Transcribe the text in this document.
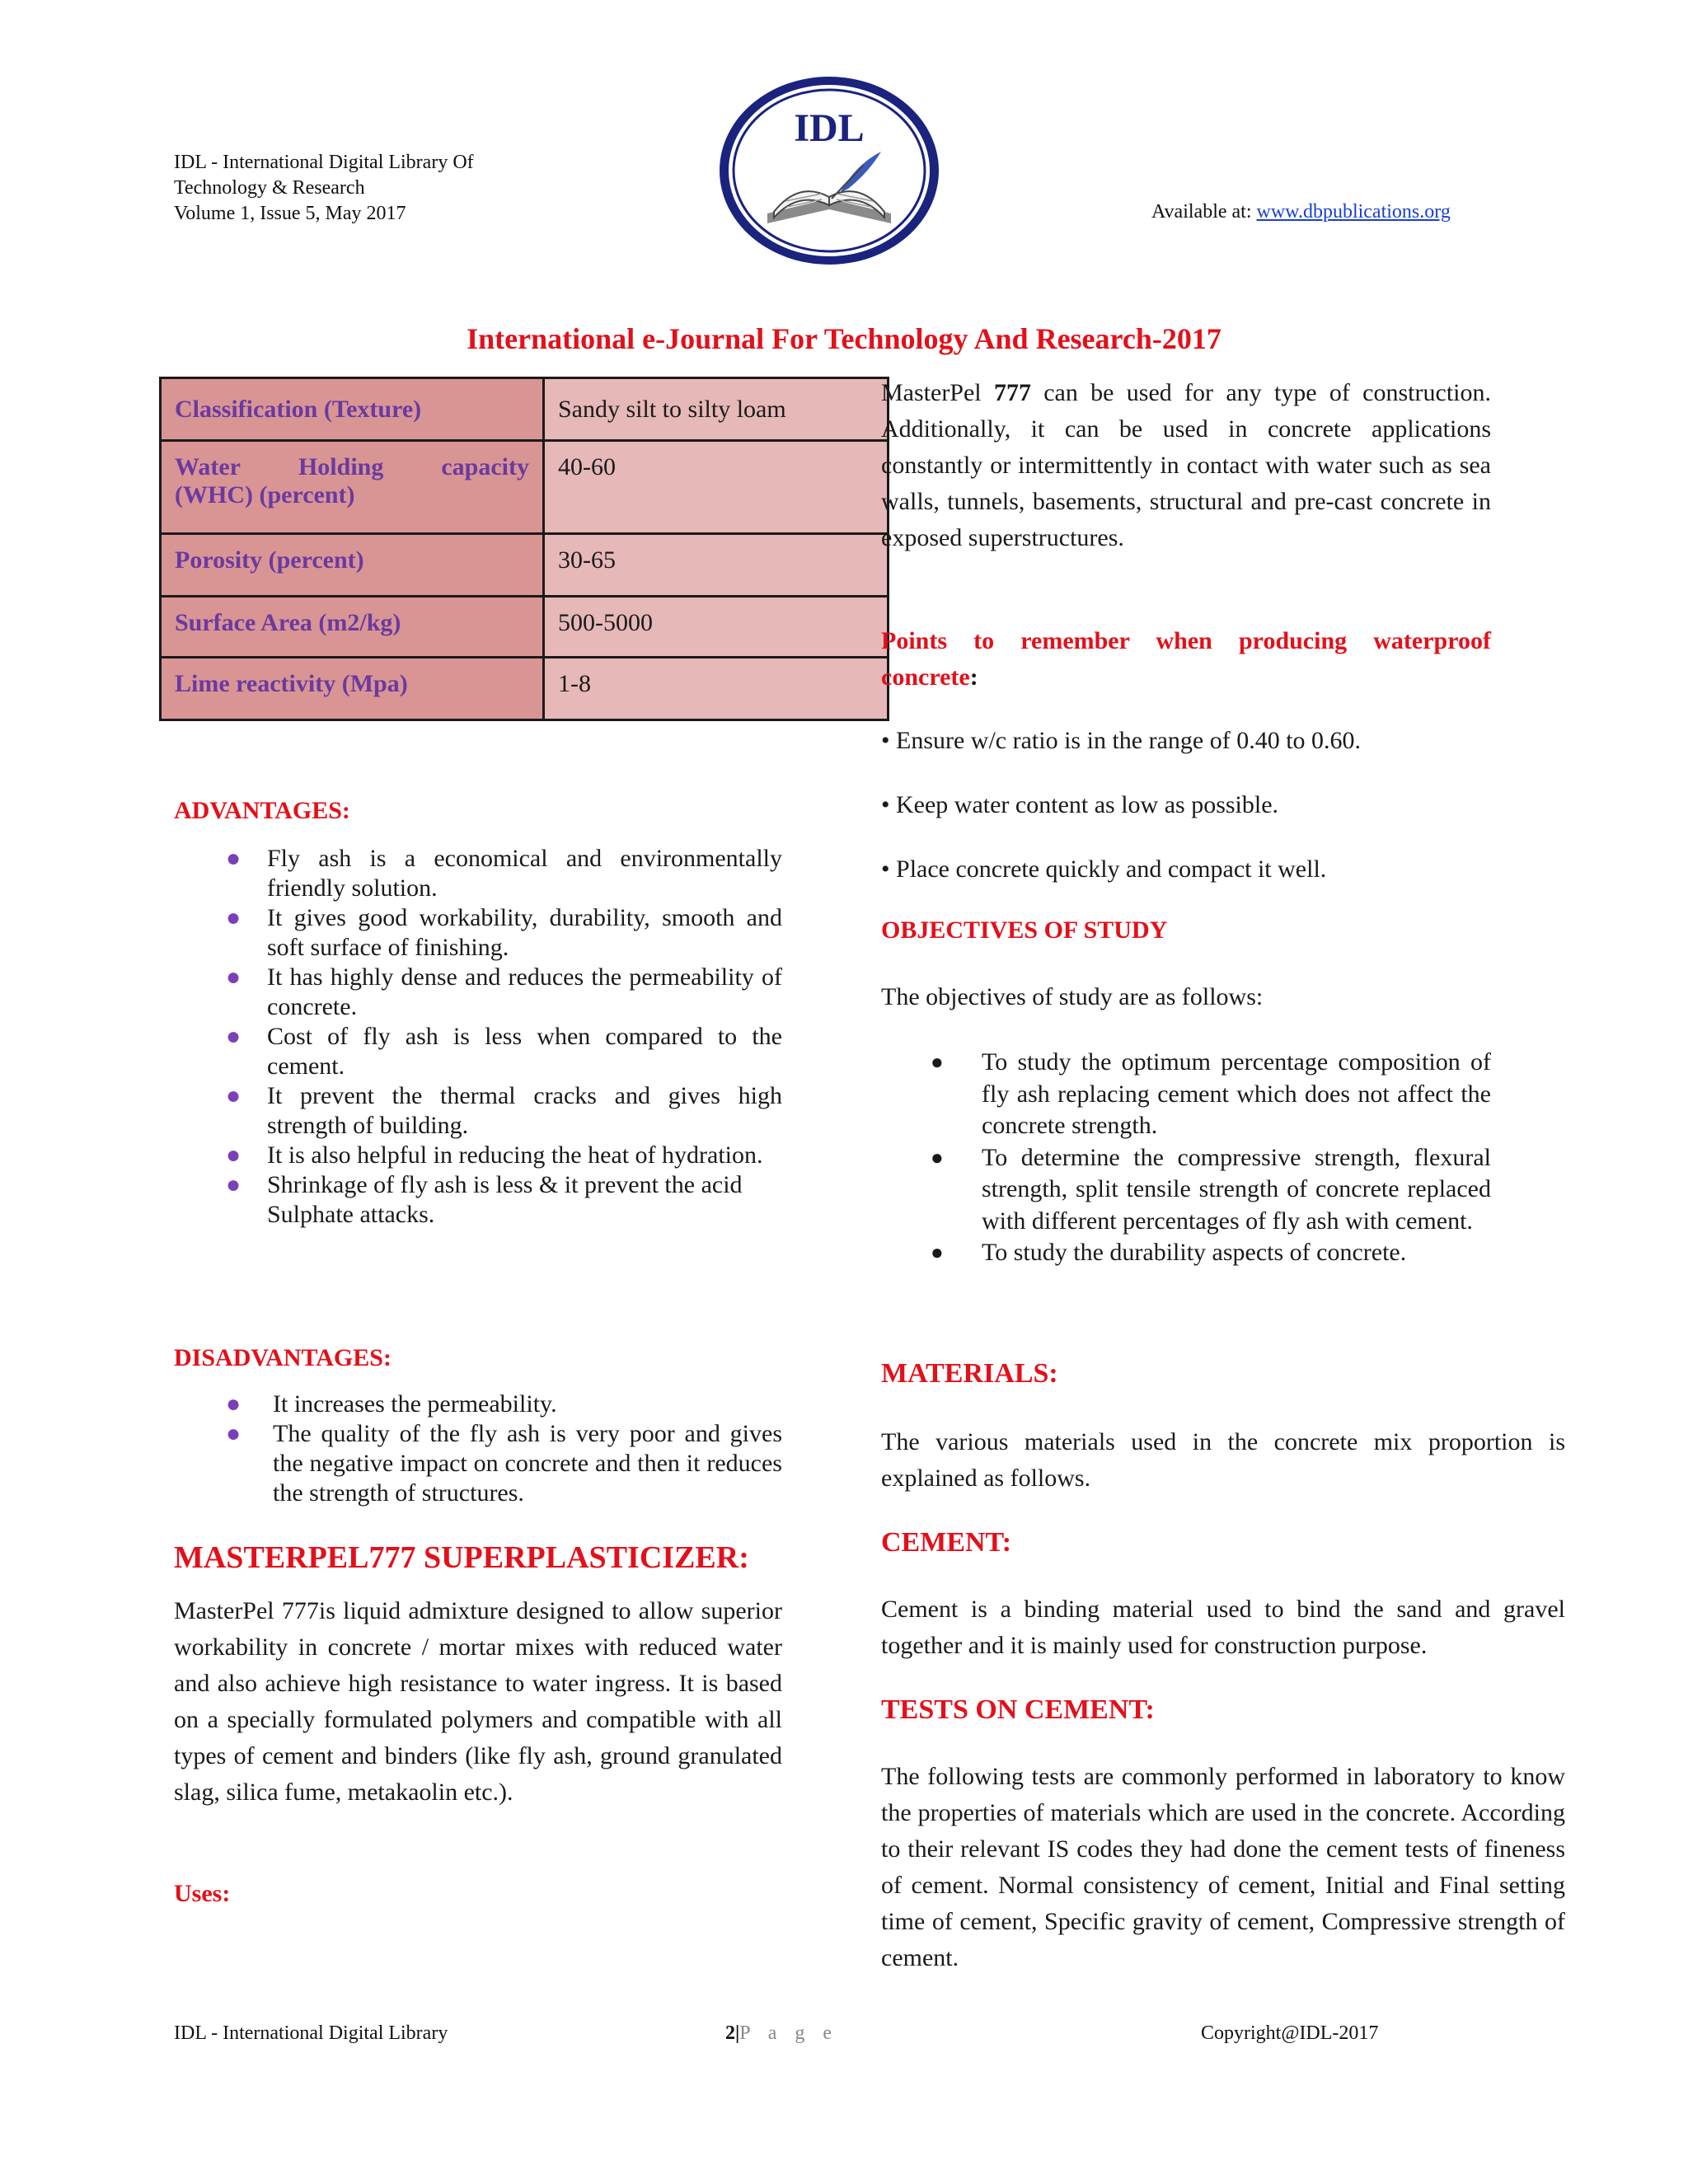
IDL - International Digital Library Of
Technology & Research
Volume 1, Issue 5, May 2017
IDL
Available at: www.dbpublications.org
International e-Journal For Technology And Research-2017
Classification (Texture)	Sandy silt to silty loam

Water Holding capacity
(WHC) (percent)	40-60
Porosity (percent)	30-65
Surface Area (m2/kg)	500-5000
Lime reactivity (Mpa)	1-8
ADVANTAGES:
● Fly ash is a economical and environmentally friendly solution.
● It gives good workability, durability, smooth and soft surface of finishing.
● It has highly dense and reduces the permeability of concrete.
● Cost of fly ash is less when compared to the cement.
● It prevent the thermal cracks and gives high strength of building.
● It is also helpful in reducing the heat of hydration.
● Shrinkage of fly ash is less & it prevent the acid
Sulphate attacks.
DISADVANTAGES:
●	It increases the permeability.
● The quality of the fly ash is very poor and gives the negative impact on concrete and then it reduces the strength of structures.
MASTERPEL777 SUPERPLASTICIZER:
MasterPel 777is liquid admixture designed to allow superior workability in concrete / mortar mixes with reduced water and also achieve high resistance to water ingress. It is based on a specially formulated polymers and compatible with all types of cement and binders (like fly ash, ground granulated slag, silica fume, metakaolin etc.).
Uses:
MasterPel 777 can be used for any type of construction. Additionally, it can be used in concrete applications constantly or intermittently in contact with water such as sea walls, tunnels, basements, structural and pre-cast concrete in exposed superstructures.
Points to remember when producing waterproof concrete:
• Ensure w/c ratio is in the range of 0.40 to 0.60.
• Keep water content as low as possible.
• Place concrete quickly and compact it well.
OBJECTIVES OF STUDY
The objectives of study are as follows:
● To study the optimum percentage composition of fly ash replacing cement which does not affect the concrete strength.
● To determine the compressive strength, flexural strength, split tensile strength of concrete replaced with different percentages of fly ash with cement.
● To study the durability aspects of concrete.
MATERIALS:
The various materials used in the concrete mix proportion is explained as follows.
CEMENT:
Cement is a binding material used to bind the sand and gravel together and it is mainly used for construction purpose.
TESTS ON CEMENT:
The following tests are commonly performed in laboratory to know the properties of materials which are used in the concrete. According to their relevant IS codes they had done the cement tests of fineness of cement. Normal consistency of cement, Initial and Final setting time of cement, Specific gravity of cement, Compressive strength of cement.
IDL - International Digital Library	2|P a g e	Copyright@IDL-2017
